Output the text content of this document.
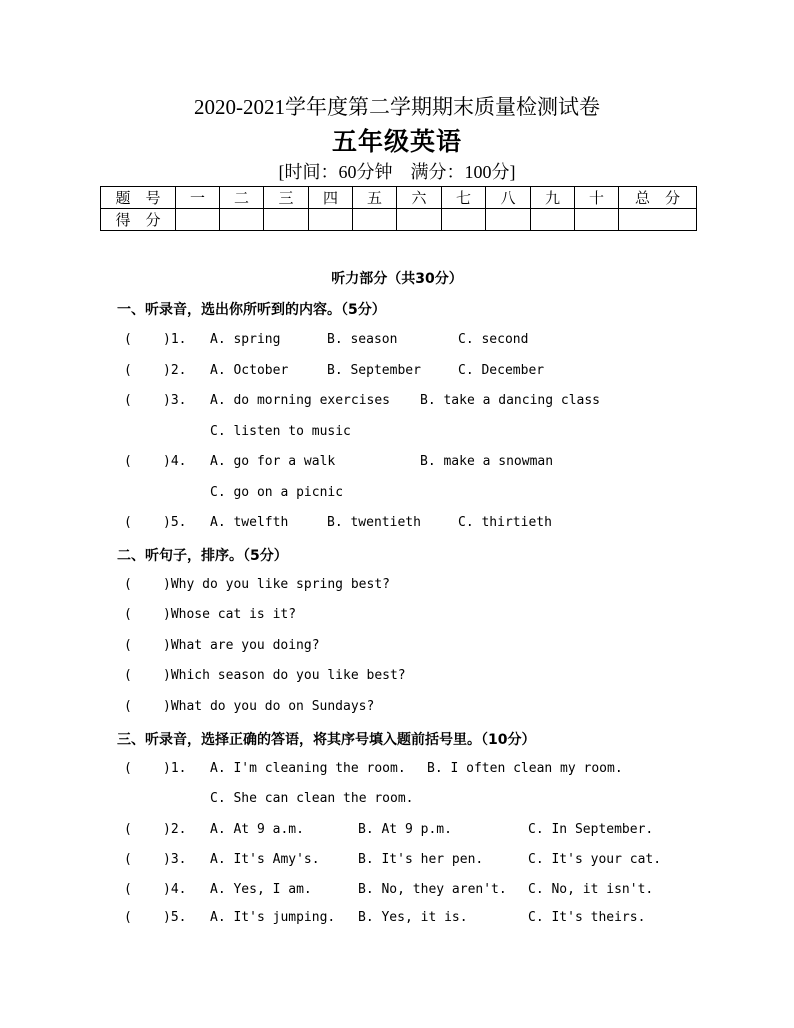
2020-2021学年度第二学期期末质量检测试卷
五年级英语
[时间：60分钟　满分：100分]
题　号	一	二	三	四	五	六	七	八	九	十	总　分
得　分											
听力部分（共30分）
一、听录音，选出你所听到的内容。（5分）
( )1. A. spring	B. season	C. second
( )2. A. October	B. September	C. December
( )3. A. do morning exercises B. take a dancing class
C. listen to music
( )4. A. go for a walk	B. make a snowman
C. go on a picnic
( )5. A. twelfth	B. twentieth	C. thirtieth
二、听句子，排序。（5分）
( )Why do you like spring best?
( )Whose cat is it?
( )What are you doing?
( )Which season do you like best?
( )What do you do on Sundays?
三、听录音，选择正确的答语，将其序号填入题前括号里。（10分）
( )1. A. I'm cleaning the room. B. I often clean my room.
C. She can clean the room.
( )2. A. At 9 a.m.	B. At 9 p.m.	C. In September.
( )3. A. It's Amy's.	B. It's her pen.	C. It's your cat.
( )4. A. Yes, I am.	B. No, they aren't. C. No, it isn't.
( )5. A. It's jumping. B. Yes, it is.	C. It's theirs.
